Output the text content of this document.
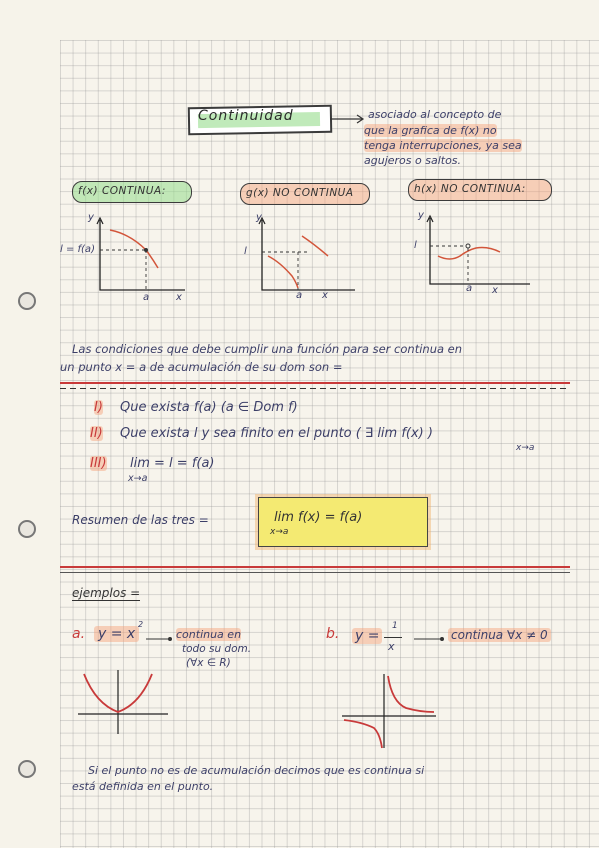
Continuidad	asociado al concepto de
que la grafica de f(x) no
tenga interrupciones, ya sea
agujeros o saltos.
f(x) CONTINUA:	g(x) NO CONTINUA	h(x) NO CONTINUA:
y
l = f(a)
a	x
y
l
a x
y
l
a x
Las condiciones que debe cumplir una función para ser continua en
un punto x = a de acumulación de su dom son =
I) Que exista f(a) (a ∈ Dom f)
II) Que exista l y sea finito en el punto ( ∃ lim f(x) )
x→a
III) lim = l = f(a)
x→a
Resumen de las tres =	lim f(x) = f(a)
x→a
ejemplos =
a. y = x
2
continua en
todo su dom.
(∀x ∈ R)
b. y =
1
x
continua ∀x ≠ 0
Si el punto no es de acumulación decimos que es continua si
está definida en el punto.
